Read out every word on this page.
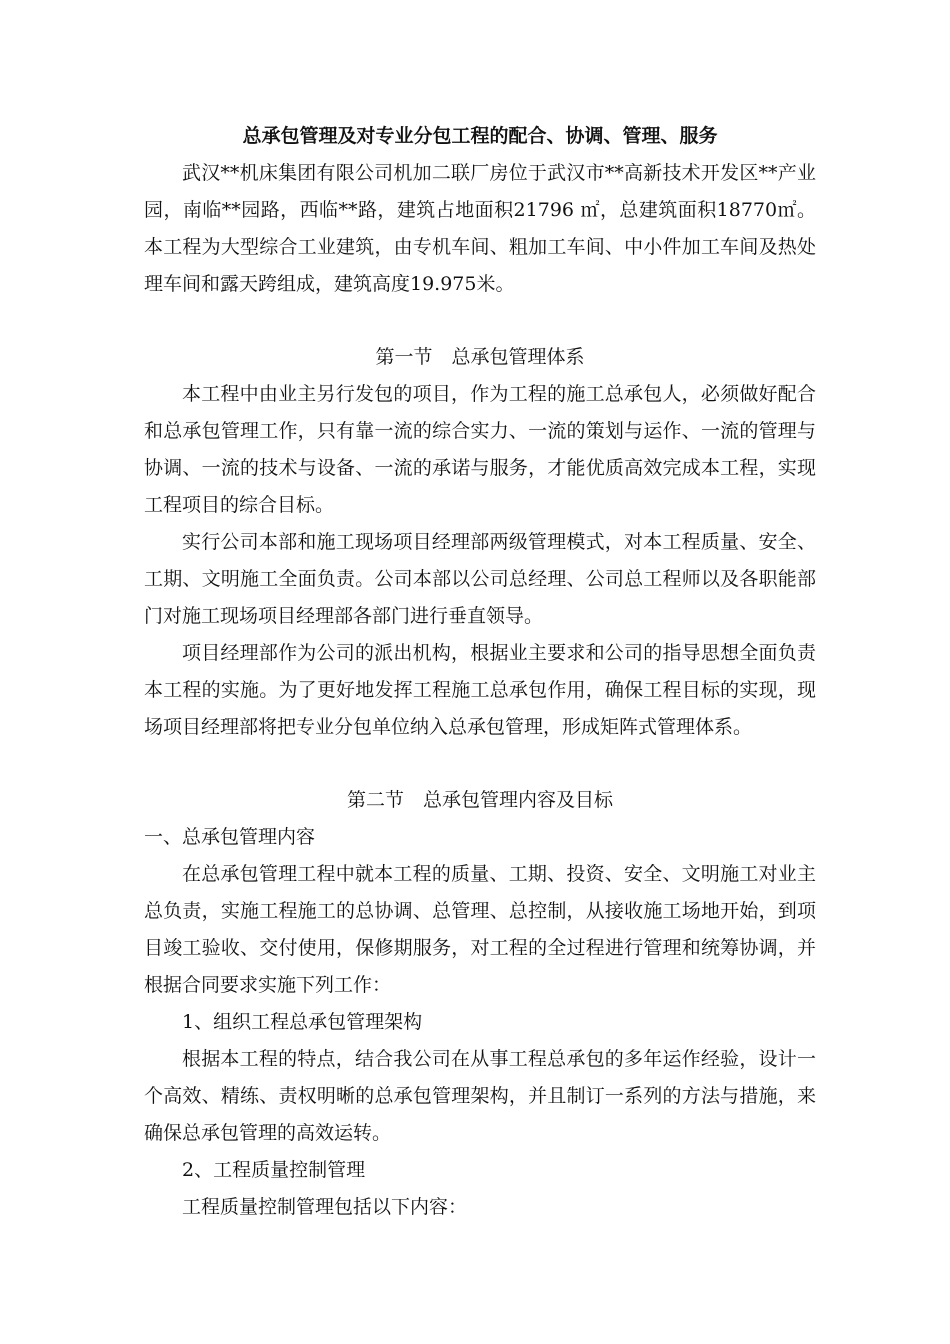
总承包管理及对专业分包工程的配合、协调、管理、服务

武汉**机床集团有限公司机加二联厂房位于武汉市**高新技术开发区**产业园，南临**园路，西临**路，建筑占地面积21796 ㎡，总建筑面积18770㎡。本工程为大型综合工业建筑，由专机车间、粗加工车间、中小件加工车间及热处理车间和露天跨组成，建筑高度19.975米。

第一节　总承包管理体系

本工程中由业主另行发包的项目，作为工程的施工总承包人，必须做好配合和总承包管理工作，只有靠一流的综合实力、一流的策划与运作、一流的管理与协调、一流的技术与设备、一流的承诺与服务，才能优质高效完成本工程，实现工程项目的综合目标。

实行公司本部和施工现场项目经理部两级管理模式，对本工程质量、安全、工期、文明施工全面负责。公司本部以公司总经理、公司总工程师以及各职能部门对施工现场项目经理部各部门进行垂直领导。

项目经理部作为公司的派出机构，根据业主要求和公司的指导思想全面负责本工程的实施。为了更好地发挥工程施工总承包作用，确保工程目标的实现，现场项目经理部将把专业分包单位纳入总承包管理，形成矩阵式管理体系。

第二节　总承包管理内容及目标

一、总承包管理内容

在总承包管理工程中就本工程的质量、工期、投资、安全、文明施工对业主总负责，实施工程施工的总协调、总管理、总控制，从接收施工场地开始，到项目竣工验收、交付使用，保修期服务，对工程的全过程进行管理和统筹协调，并根据合同要求实施下列工作：

1、组织工程总承包管理架构

根据本工程的特点，结合我公司在从事工程总承包的多年运作经验，设计一个高效、精练、责权明晰的总承包管理架构，并且制订一系列的方法与措施，来确保总承包管理的高效运转。

2、工程质量控制管理

工程质量控制管理包括以下内容：
